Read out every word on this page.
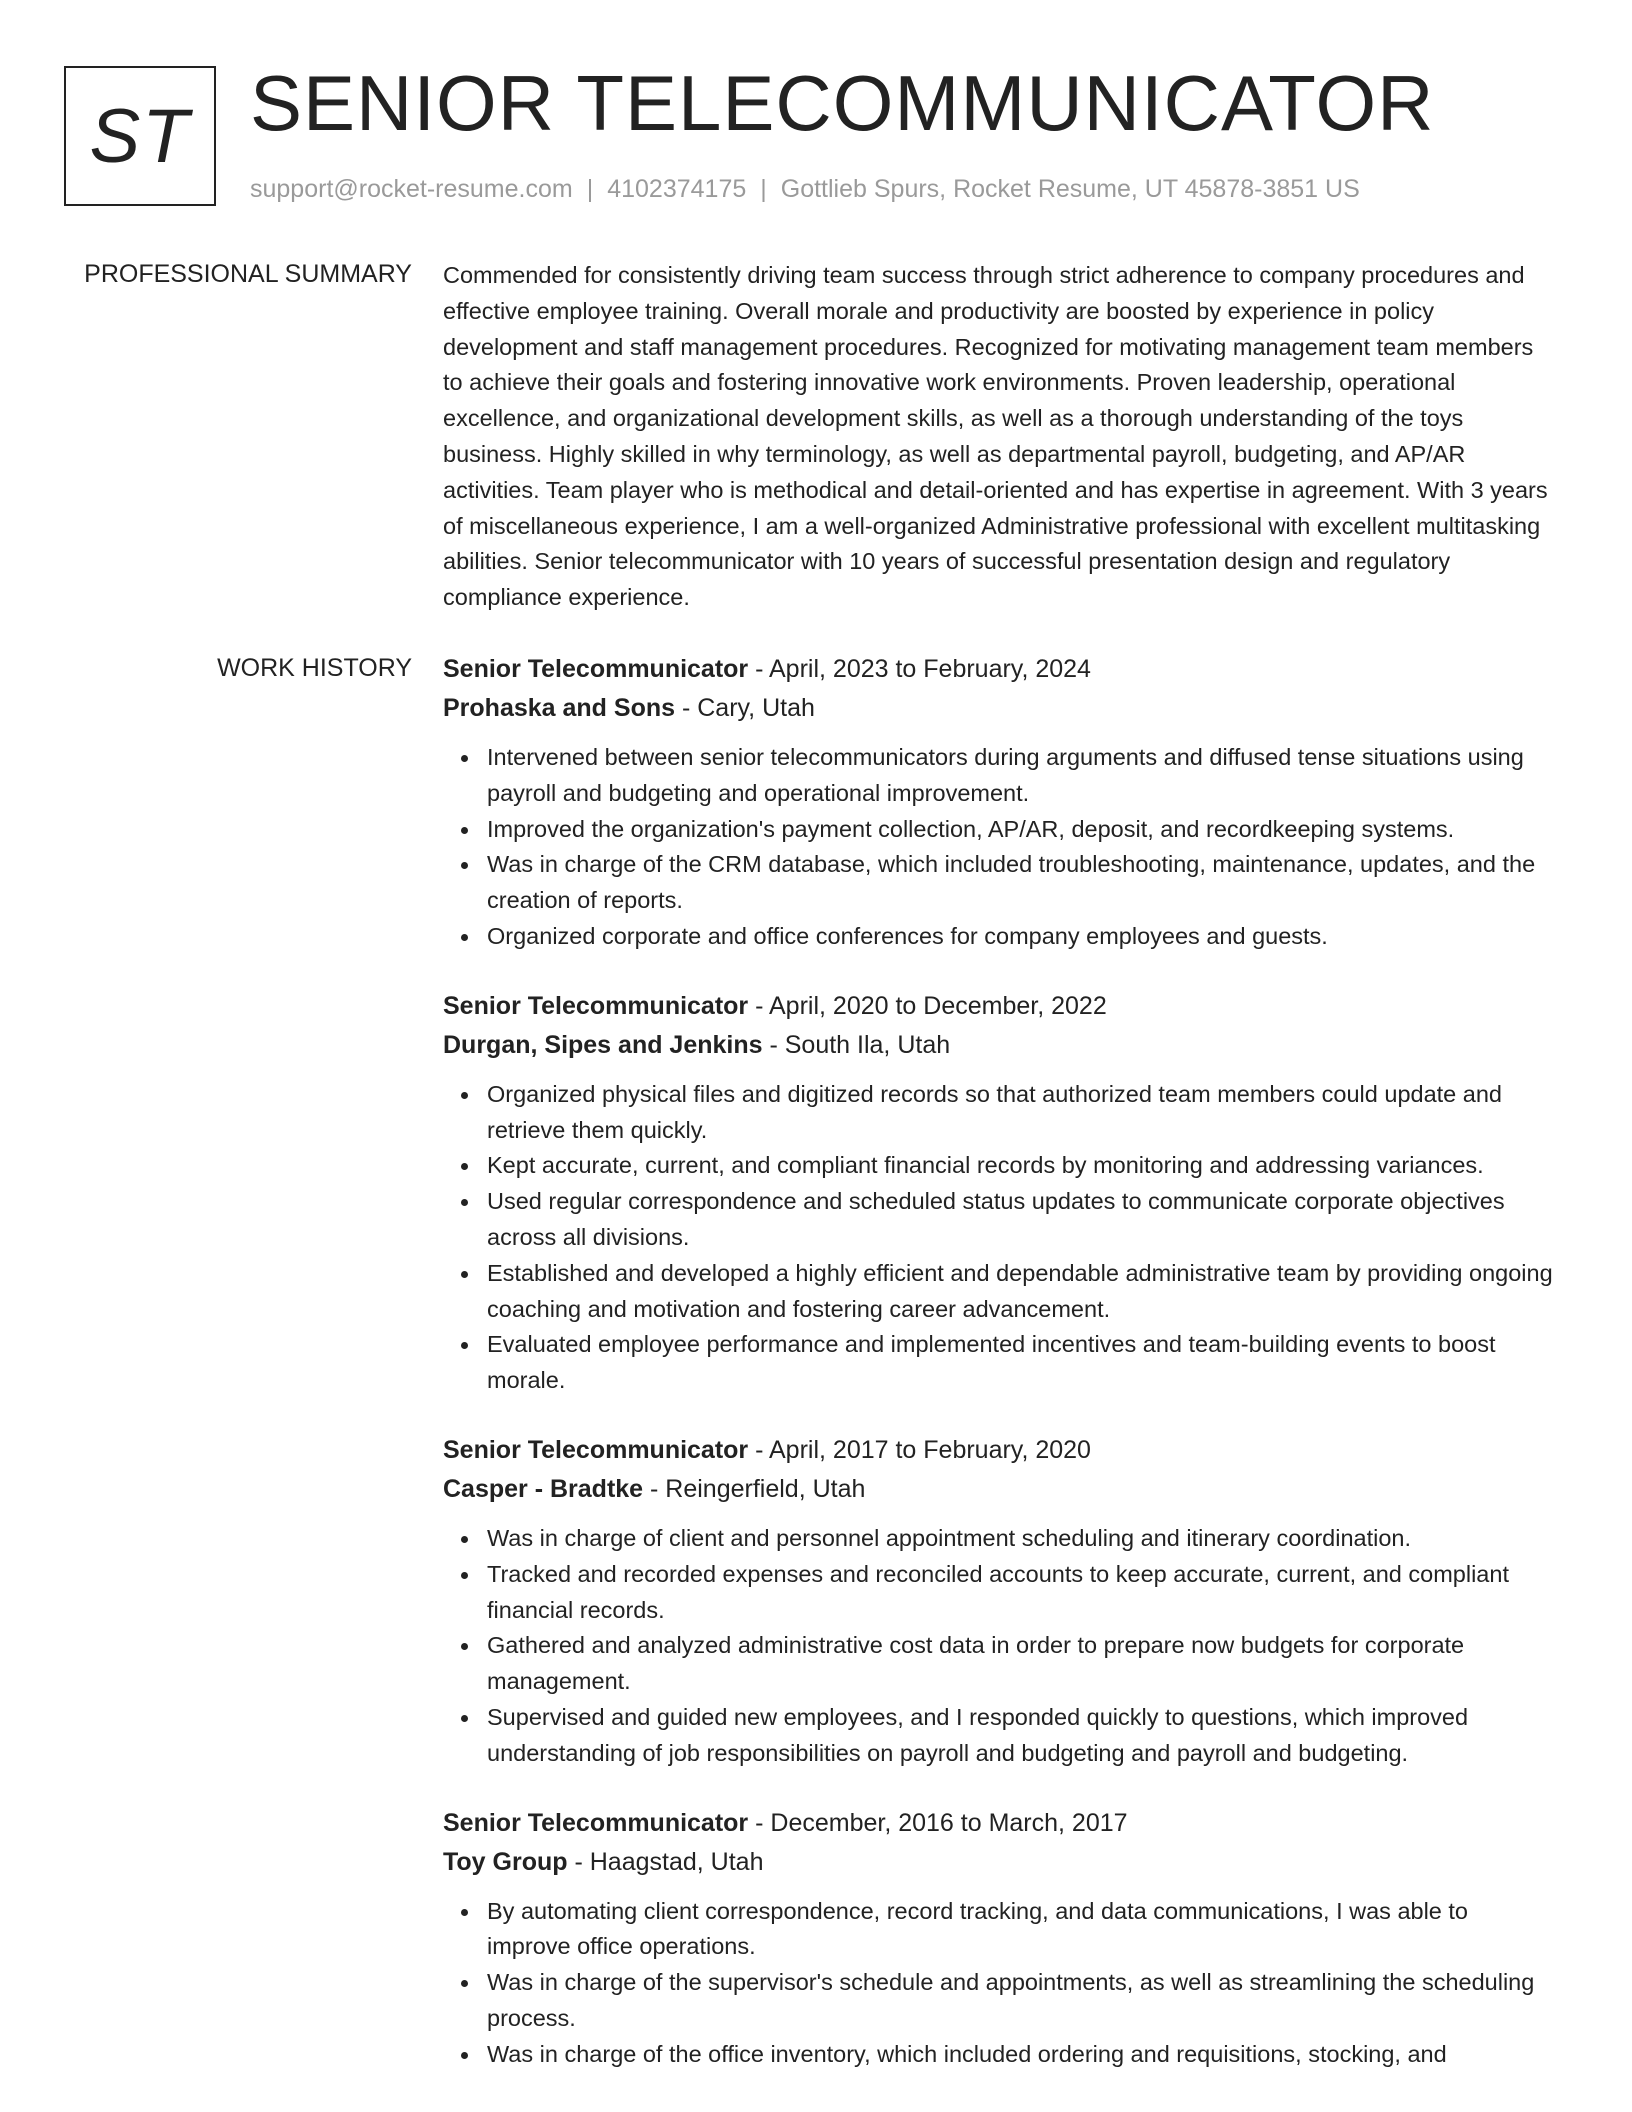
ST SENIOR TELECOMMUNICATOR
support@rocket-resume.com | 4102374175 | Gottlieb Spurs, Rocket Resume, UT 45878-3851 US
PROFESSIONAL SUMMARY Commended for consistently driving team success through strict adherence to company procedures and effective employee training. Overall morale and productivity are boosted by experience in policy development and staff management procedures. Recognized for motivating management team members to achieve their goals and fostering innovative work environments. Proven leadership, operational excellence, and organizational development skills, as well as a thorough understanding of the toys business. Highly skilled in why terminology, as well as departmental payroll, budgeting, and AP/AR activities. Team player who is methodical and detail-oriented and has expertise in agreement. With 3 years of miscellaneous experience, I am a well-organized Administrative professional with excellent multitasking abilities. Senior telecommunicator with 10 years of successful presentation design and regulatory compliance experience.

WORK HISTORY Senior Telecommunicator - April, 2023 to February, 2024
Prohaska and Sons - Cary, Utah
Intervened between senior telecommunicators during arguments and diffused tense situations using payroll and budgeting and operational improvement.
Improved the organization's payment collection, AP/AR, deposit, and recordkeeping systems.
Was in charge of the CRM database, which included troubleshooting, maintenance, updates, and the creation of reports.
Organized corporate and office conferences for company employees and guests.
Senior Telecommunicator - April, 2020 to December, 2022
Durgan, Sipes and Jenkins - South Ila, Utah
Organized physical files and digitized records so that authorized team members could update and retrieve them quickly.
Kept accurate, current, and compliant financial records by monitoring and addressing variances.
Used regular correspondence and scheduled status updates to communicate corporate objectives across all divisions.
Established and developed a highly efficient and dependable administrative team by providing ongoing coaching and motivation and fostering career advancement.
Evaluated employee performance and implemented incentives and team-building events to boost morale.
Senior Telecommunicator - April, 2017 to February, 2020
Casper - Bradtke - Reingerfield, Utah
Was in charge of client and personnel appointment scheduling and itinerary coordination.
Tracked and recorded expenses and reconciled accounts to keep accurate, current, and compliant financial records.
Gathered and analyzed administrative cost data in order to prepare now budgets for corporate management.
Supervised and guided new employees, and I responded quickly to questions, which improved understanding of job responsibilities on payroll and budgeting and payroll and budgeting.
Senior Telecommunicator - December, 2016 to March, 2017
Toy Group - Haagstad, Utah
By automating client correspondence, record tracking, and data communications, I was able to improve office operations.
Was in charge of the supervisor's schedule and appointments, as well as streamlining the scheduling process.
Was in charge of the office inventory, which included ordering and requisitions, stocking, and
